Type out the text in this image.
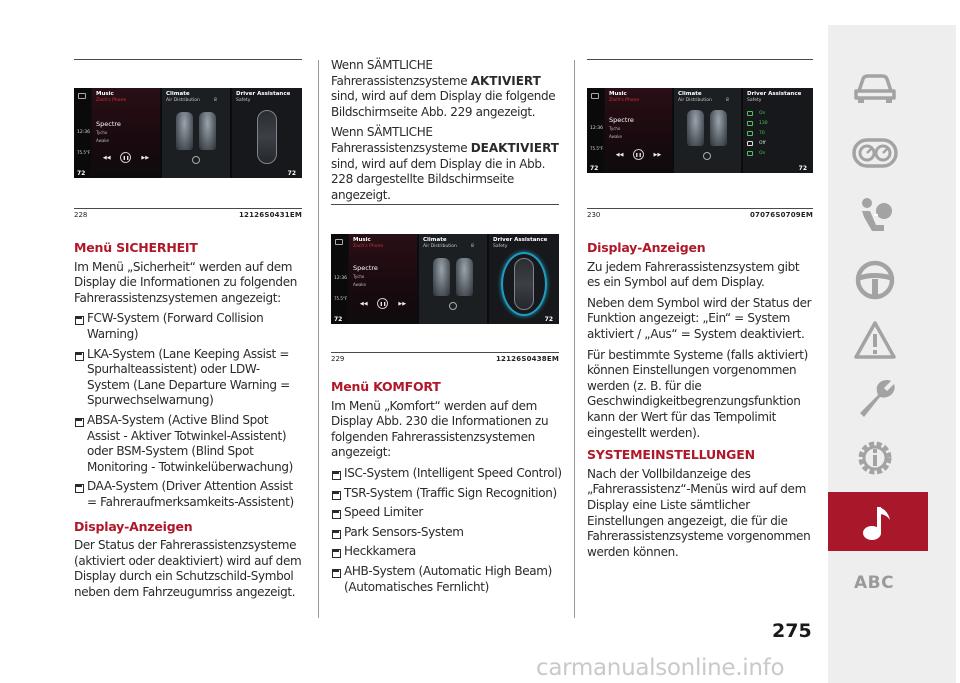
12:36
75.5°F
Music
Zach's Phone
Spectre
Tycho
Awake
◀◀	❚❚	▶▶
Climate
Air Distribution	8
Driver Assistance
Safety
72	72
228	12126S0431EM
Menü SICHERHEIT

Im Menü „Sicherheit“ werden auf dem Display die Informationen zu folgenden Fahrerassistenzsystemen angezeigt:

FCW-System (Forward Collision Warning)
LKA-System (Lane Keeping Assist = Spurhalteassistent) oder LDW-System (Lane Departure Warning = Spurwechselwarnung)
ABSA-System (Active Blind Spot Assist - Aktiver Totwinkel-Assistent) oder BSM-System (Blind Spot Monitoring - Totwinkelüberwachung)
DAA-System (Driver Attention Assist = Fahreraufmerksamkeits-Assistent)
Display-Anzeigen

Der Status der Fahrerassistenzsysteme (aktiviert oder deaktiviert) wird auf dem Display durch ein Schutzschild-Symbol neben dem Fahrzeugumriss angezeigt.

Wenn SÄMTLICHE Fahrerassistenzsysteme AKTIVIERT sind, wird auf dem Display die folgende Bildschirmseite Abb. 229 angezeigt.

Wenn SÄMTLICHE Fahrerassistenzsysteme DEAKTIVIERT sind, wird auf dem Display die in Abb. 228 dargestellte Bildschirmseite angezeigt.

12:36
75.5°F
Music
Zach's Phone
Spectre
Tycho
Awake
◀◀	❚❚	▶▶
Climate
Air Distribution	8
Driver Assistance
Safety
72	72
229	12126S0438EM
Menü KOMFORT

Im Menü „Komfort“ werden auf dem Display Abb. 230 die Informationen zu folgenden Fahrerassistenzsystemen angezeigt:

ISC-System (Intelligent Speed Control)
TSR-System (Traffic Sign Recognition)
Speed Limiter
Park Sensors-System
Heckkamera
AHB-System (Automatic High Beam) (Automatisches Fernlicht)
12:36
75.5°F
Music
Zach's Phone
Spectre
Tycho
Awake
◀◀	❚❚	▶▶
Climate
Air Distribution	8
Driver Assistance
Safety
On
130
70
Off
On
72	72
230	07076S0709EM
Display-Anzeigen

Zu jedem Fahrerassistenzsystem gibt es ein Symbol auf dem Display.

Neben dem Symbol wird der Status der Funktion angezeigt: „Ein“ = System aktiviert / „Aus“ = System deaktiviert.

Für bestimmte Systeme (falls aktiviert) können Einstellungen vorgenommen werden (z. B. für die Geschwindigkeitbegrenzungsfunktion kann der Wert für das Tempolimit eingestellt werden).

SYSTEMEINSTELLUNGEN

Nach der Vollbildanzeige des „Fahrerassistenz“-Menüs wird auf dem Display eine Liste sämtlicher Einstellungen angezeigt, die für die Fahrerassistenzsysteme vorgenommen werden können.

ABC
275
carmanualsonline.info
